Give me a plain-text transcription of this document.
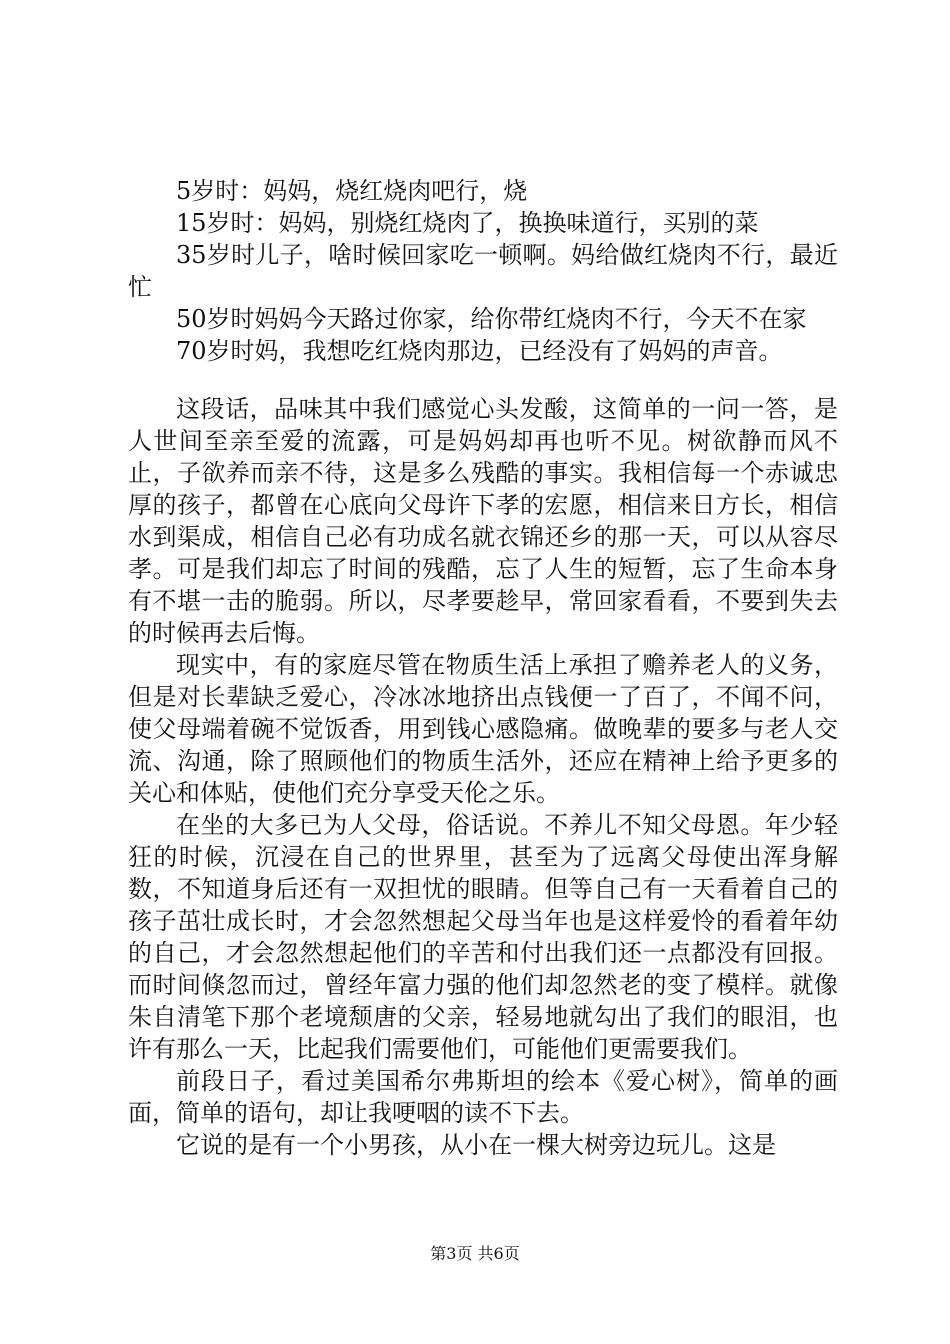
5岁时：妈妈，烧红烧肉吧行，烧

15岁时：妈妈，别烧红烧肉了，换换味道行，买别的菜

35岁时儿子，啥时候回家吃一顿啊。妈给做红烧肉不行，最近忙

50岁时妈妈今天路过你家，给你带红烧肉不行，今天不在家

70岁时妈，我想吃红烧肉那边，已经没有了妈妈的声音。

这段话，品味其中我们感觉心头发酸，这简单的一问一答，是人世间至亲至爱的流露，可是妈妈却再也听不见。树欲静而风不止，子欲养而亲不待，这是多么残酷的事实。我相信每一个赤诚忠厚的孩子，都曾在心底向父母许下孝的宏愿，相信来日方长，相信水到渠成，相信自己必有功成名就衣锦还乡的那一天，可以从容尽孝。可是我们却忘了时间的残酷，忘了人生的短暂，忘了生命本身有不堪一击的脆弱。所以，尽孝要趁早，常回家看看，不要到失去的时候再去后悔。

现实中，有的家庭尽管在物质生活上承担了赡养老人的义务，但是对长辈缺乏爱心，冷冰冰地挤出点钱便一了百了，不闻不问，使父母端着碗不觉饭香，用到钱心感隐痛。做晚辈的要多与老人交流、沟通，除了照顾他们的物质生活外，还应在精神上给予更多的关心和体贴，使他们充分享受天伦之乐。

在坐的大多已为人父母，俗话说。不养儿不知父母恩。年少轻狂的时候，沉浸在自己的世界里，甚至为了远离父母使出浑身解数，不知道身后还有一双担忧的眼睛。但等自己有一天看着自己的孩子茁壮成长时，才会忽然想起父母当年也是这样爱怜的看着年幼的自己，才会忽然想起他们的辛苦和付出我们还一点都没有回报。而时间倏忽而过，曾经年富力强的他们却忽然老的变了模样。就像朱自清笔下那个老境颓唐的父亲，轻易地就勾出了我们的眼泪，也许有那么一天，比起我们需要他们，可能他们更需要我们。

前段日子，看过美国希尔弗斯坦的绘本《爱心树》，简单的画面，简单的语句，却让我哽咽的读不下去。

它说的是有一个小男孩，从小在一棵大树旁边玩儿。这是

第3页 共6页
